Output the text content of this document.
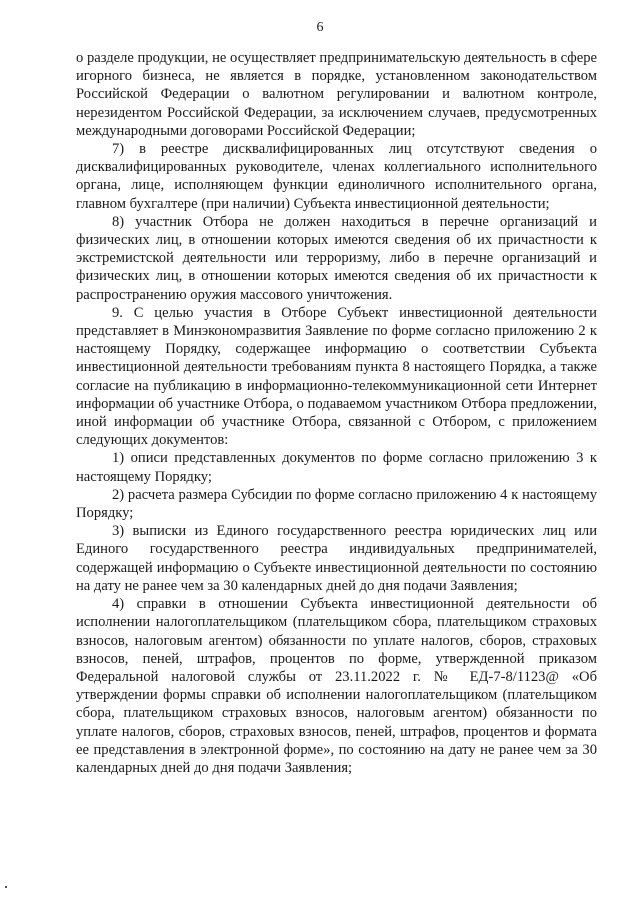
6

о разделе продукции, не осуществляет предпринимательскую деятельность в сфере игорного бизнеса, не является в порядке, установленном законодательством Российской Федерации о валютном регулировании и валютном контроле, нерезидентом Российской Федерации, за исключением случаев, предусмотренных международными договорами Российской Федерации;

7) в реестре дисквалифицированных лиц отсутствуют сведения о дисквалифицированных руководителе, членах коллегиального исполнительного органа, лице, исполняющем функции единоличного исполнительного органа, главном бухгалтере (при наличии) Субъекта инвестиционной деятельности;

8) участник Отбора не должен находиться в перечне организаций и физических лиц, в отношении которых имеются сведения об их причастности к экстремистской деятельности или терроризму, либо в перечне организаций и физических лиц, в отношении которых имеются сведения об их причастности к распространению оружия массового уничтожения.

9. С целью участия в Отборе Субъект инвестиционной деятельности представляет в Минэкономразвития Заявление по форме согласно приложению 2 к настоящему Порядку, содержащее информацию о соответствии Субъекта инвестиционной деятельности требованиям пункта 8 настоящего Порядка, а также согласие на публикацию в информационно-телекоммуникационной сети Интернет информации об участнике Отбора, о подаваемом участником Отбора предложении, иной информации об участнике Отбора, связанной с Отбором, с приложением следующих документов:

1) описи представленных документов по форме согласно приложению 3 к настоящему Порядку;

2) расчета размера Субсидии по форме согласно приложению 4 к настоящему Порядку;

3) выписки из Единого государственного реестра юридических лиц или Единого государственного реестра индивидуальных предпринимателей, содержащей информацию о Субъекте инвестиционной деятельности по состоянию на дату не ранее чем за 30 календарных дней до дня подачи Заявления;

4) справки в отношении Субъекта инвестиционной деятельности об исполнении налогоплательщиком (плательщиком сбора, плательщиком страховых взносов, налоговым агентом) обязанности по уплате налогов, сборов, страховых взносов, пеней, штрафов, процентов по форме, утвержденной приказом Федеральной налоговой службы от 23.11.2022 г. № ЕД-7-8/1123@ «Об утверждении формы справки об исполнении налогоплательщиком (плательщиком сбора, плательщиком страховых взносов, налоговым агентом) обязанности по уплате налогов, сборов, страховых взносов, пеней, штрафов, процентов и формата ее представления в электронной форме», по состоянию на дату не ранее чем за 30 календарных дней до дня подачи Заявления;
